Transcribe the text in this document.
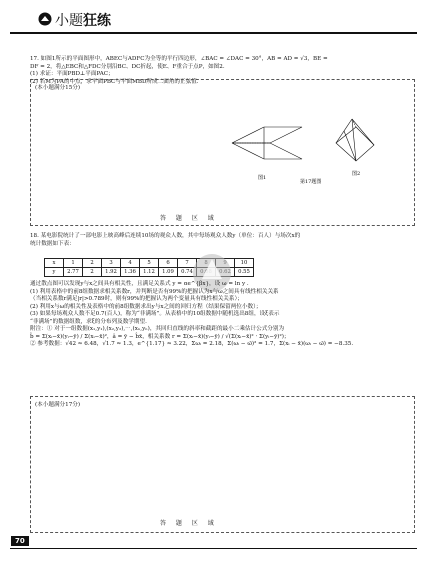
小题狂练
17. 如图1所示的平面图形中，ABEC与ADFC为全等的平行四边形，∠BAC = ∠DAC = 30°，AB = AD = √3，BE =
DF = 2，将△EBC和△FDC分别沿BC、DC折起，使E、F重合于点P，如图2.
(1) 求证：平面PBD⊥平面PAC；
(2) 若M为PA的中点，求平面PBC与平面MBD所成二面角的正弦值.
(本小题满分15分)
图1
图2
第17题图
答 题 区 域
18. 某电影院统计了一部电影上映高峰后连续10场的观众人数，其中每场观众人数y（单位：百人）与场次x的
统计数据如下表：
x	1	2	3	4	5	6	7			10
y	2.77	2	1.92	1.36	1.12	1.09	0.74			0.55
通过散点图可以发现y与x之间具有相关性，且满足关系式 y = αe^{βx}，设 ω = ln y .
(1) 利用表格中的前8组数据求相关系数r，并判断是否有99%的把握认为x与ω之间具有线性相关关系
（当相关系数r满足|r|>0.789时，则有99%的把握认为两个变量具有线性相关关系）；
(2) 利用x与ω的相关性及表格中的前8组数据求出y与x之间的回归方程（结果保留两位小数）；
(3) 如果每场观众人数不足0.7(百人)，称为“非满场”。从表格中的10组数据中随机选出8组，设ξ表示
“非满场”的数据组数，求ξ的分布列及数学期望.
附注：① 对于一组数据(x₁,y₁),(x₂,y₂),⋯,(xₙ,yₙ)，其回归直线的斜率和截距的最小二乘估计公式分别为
b̂ = Σ(xᵢ−x̄)(yᵢ−ȳ) / Σ(xᵢ−x̄)²，â = ȳ − b̂x̄，相关系数 r = Σ(xᵢ−x̄)(yᵢ−ȳ) / √(Σ(xᵢ−x̄)² · Σ(yᵢ−ȳ)²)；
② 参考数据：√42 ≈ 6.48，√1.7 ≈ 1.3，e^{1.17} ≈ 3.22，Σωᵢ = 2.18，Σ(ωᵢ − ω̄)² = 1.7，Σ(xᵢ − x̄)(ωᵢ − ω̄) = −8.35.
(本小题满分17分)
答 题 区 域
70
